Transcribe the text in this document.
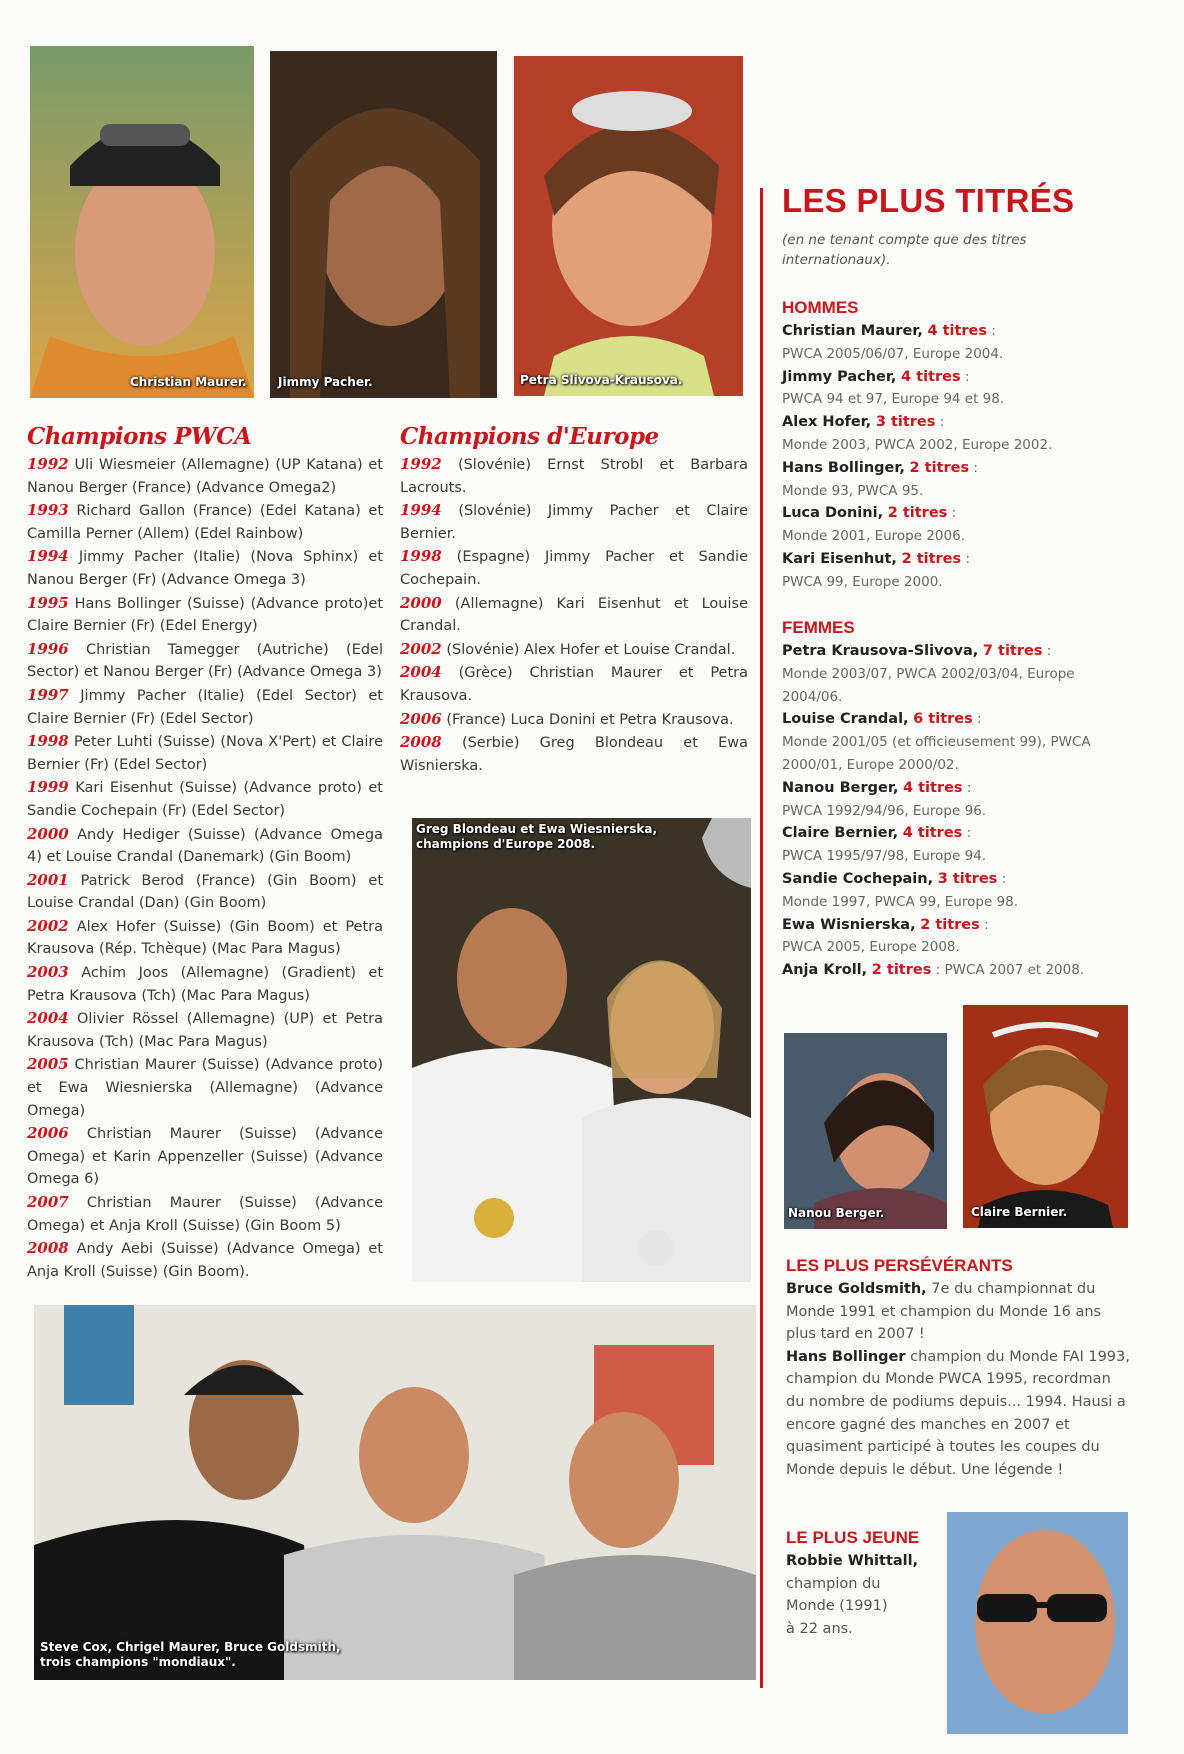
Christian Maurer.	Jimmy Pacher.	Petra Slivova-Krausova.
Champions PWCA
1992 Uli Wiesmeier (Allemagne) (UP Katana) et Nanou Berger (France) (Advance Omega2)
1993 Richard Gallon (France) (Edel Katana) et Camilla Perner (Allem) (Edel Rainbow)
1994 Jimmy Pacher (Italie) (Nova Sphinx) et Nanou Berger (Fr) (Advance Omega 3)
1995 Hans Bollinger (Suisse) (Advance proto)et Claire Bernier (Fr) (Edel Energy)
1996 Christian Tamegger (Autriche) (Edel Sector) et Nanou Berger (Fr) (Advance Omega 3)
1997 Jimmy Pacher (Italie) (Edel Sector) et Claire Bernier (Fr) (Edel Sector)
1998 Peter Luhti (Suisse) (Nova X'Pert) et Claire Bernier (Fr) (Edel Sector)
1999 Kari Eisenhut (Suisse) (Advance proto) et Sandie Cochepain (Fr) (Edel Sector)
2000 Andy Hediger (Suisse) (Advance Omega 4) et Louise Crandal (Danemark) (Gin Boom)
2001 Patrick Berod (France) (Gin Boom) et Louise Crandal (Dan) (Gin Boom)
2002 Alex Hofer (Suisse) (Gin Boom) et Petra Krausova (Rép. Tchèque) (Mac Para Magus)
2003 Achim Joos (Allemagne) (Gradient) et Petra Krausova (Tch) (Mac Para Magus)
2004 Olivier Rössel (Allemagne) (UP) et Petra Krausova (Tch) (Mac Para Magus)
2005 Christian Maurer (Suisse) (Advance proto) et Ewa Wiesnierska (Allemagne) (Advance Omega)
2006 Christian Maurer (Suisse) (Advance Omega) et Karin Appenzeller (Suisse) (Advance Omega 6)
2007 Christian Maurer (Suisse) (Advance Omega) et Anja Kroll (Suisse) (Gin Boom 5)
2008 Andy Aebi (Suisse) (Advance Omega) et Anja Kroll (Suisse) (Gin Boom).
Champions d'Europe
1992 (Slovénie) Ernst Strobl et Barbara Lacrouts.
1994 (Slovénie) Jimmy Pacher et Claire Bernier.
1998 (Espagne) Jimmy Pacher et Sandie Cochepain.
2000 (Allemagne) Kari Eisenhut et Louise Crandal.
2002 (Slovénie) Alex Hofer et Louise Crandal.
2004 (Grèce) Christian Maurer et Petra Krausova.
2006 (France) Luca Donini et Petra Krausova.
2008 (Serbie) Greg Blondeau et Ewa Wisnierska.
Greg Blondeau et Ewa Wiesnierska, champions d'Europe 2008.
Steve Cox, Chrigel Maurer, Bruce Goldsmith, trois champions "mondiaux".
LES PLUS TITRÉS
(en ne tenant compte que des titres internationaux).
HOMMES
Christian Maurer, 4 titres :
PWCA 2005/06/07, Europe 2004.
Jimmy Pacher, 4 titres :
PWCA 94 et 97, Europe 94 et 98.
Alex Hofer, 3 titres :
Monde 2003, PWCA 2002, Europe 2002.
Hans Bollinger, 2 titres :
Monde 93, PWCA 95.
Luca Donini, 2 titres :
Monde 2001, Europe 2006.
Kari Eisenhut, 2 titres :
PWCA 99, Europe 2000.
FEMMES
Petra Krausova-Slivova, 7 titres :
Monde 2003/07, PWCA 2002/03/04, Europe 2004/06.
Louise Crandal, 6 titres :
Monde 2001/05 (et officieusement 99), PWCA 2000/01, Europe 2000/02.
Nanou Berger, 4 titres :
PWCA 1992/94/96, Europe 96.
Claire Bernier, 4 titres :
PWCA 1995/97/98, Europe 94.
Sandie Cochepain, 3 titres :
Monde 1997, PWCA 99, Europe 98.
Ewa Wisnierska, 2 titres :
PWCA 2005, Europe 2008.
Anja Kroll, 2 titres : PWCA 2007 et 2008.
Nanou Berger.	Claire Bernier.
LES PLUS PERSÉVÉRANTS
Bruce Goldsmith, 7e du championnat du Monde 1991 et champion du Monde 16 ans plus tard en 2007 !
Hans Bollinger champion du Monde FAI 1993, champion du Monde PWCA 1995, recordman du nombre de podiums depuis... 1994. Hausi a encore gagné des manches en 2007 et quasiment participé à toutes les coupes du Monde depuis le début. Une légende !
LE PLUS JEUNE
Robbie Whittall,
champion du Monde (1991) à 22 ans.
